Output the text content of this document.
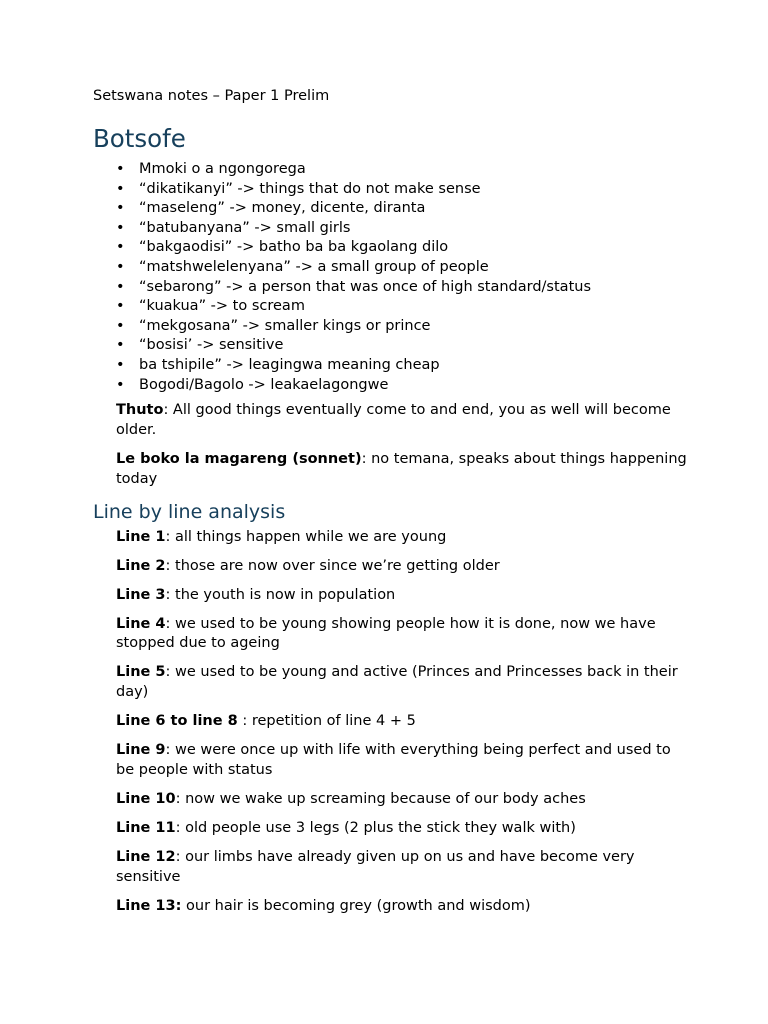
Setswana notes – Paper 1 Prelim

Botsofe
• Mmoki o a ngongorega
• “dikatikanyi” -> things that do not make sense
• “maseleng” -> money, dicente, diranta
• “batubanyana” -> small girls
• “bakgaodisi” -> batho ba ba kgaolang dilo
• “matshwelelenyana” -> a small group of people
• “sebarong” -> a person that was once of high standard/status
• “kuakua” -> to scream
• “mekgosana” -> smaller kings or prince
• “bosisi’ -> sensitive
• ba tshipile” -> leagingwa meaning cheap
• Bogodi/Bagolo -> leakaelagongwe

Thuto: All good things eventually come to and end, you as well will become older.

Le boko la magareng (sonnet): no temana, speaks about things happening today

Line by line analysis

Line 1: all things happen while we are young

Line 2: those are now over since we’re getting older

Line 3: the youth is now in population

Line 4: we used to be young showing people how it is done, now we have stopped due to ageing

Line 5: we used to be young and active (Princes and Princesses back in their day)

Line 6 to line 8 : repetition of line 4 + 5

Line 9: we were once up with life with everything being perfect and used to be people with status

Line 10: now we wake up screaming because of our body aches

Line 11: old people use 3 legs (2 plus the stick they walk with)

Line 12: our limbs have already given up on us and have become very sensitive

Line 13: our hair is becoming grey (growth and wisdom)
